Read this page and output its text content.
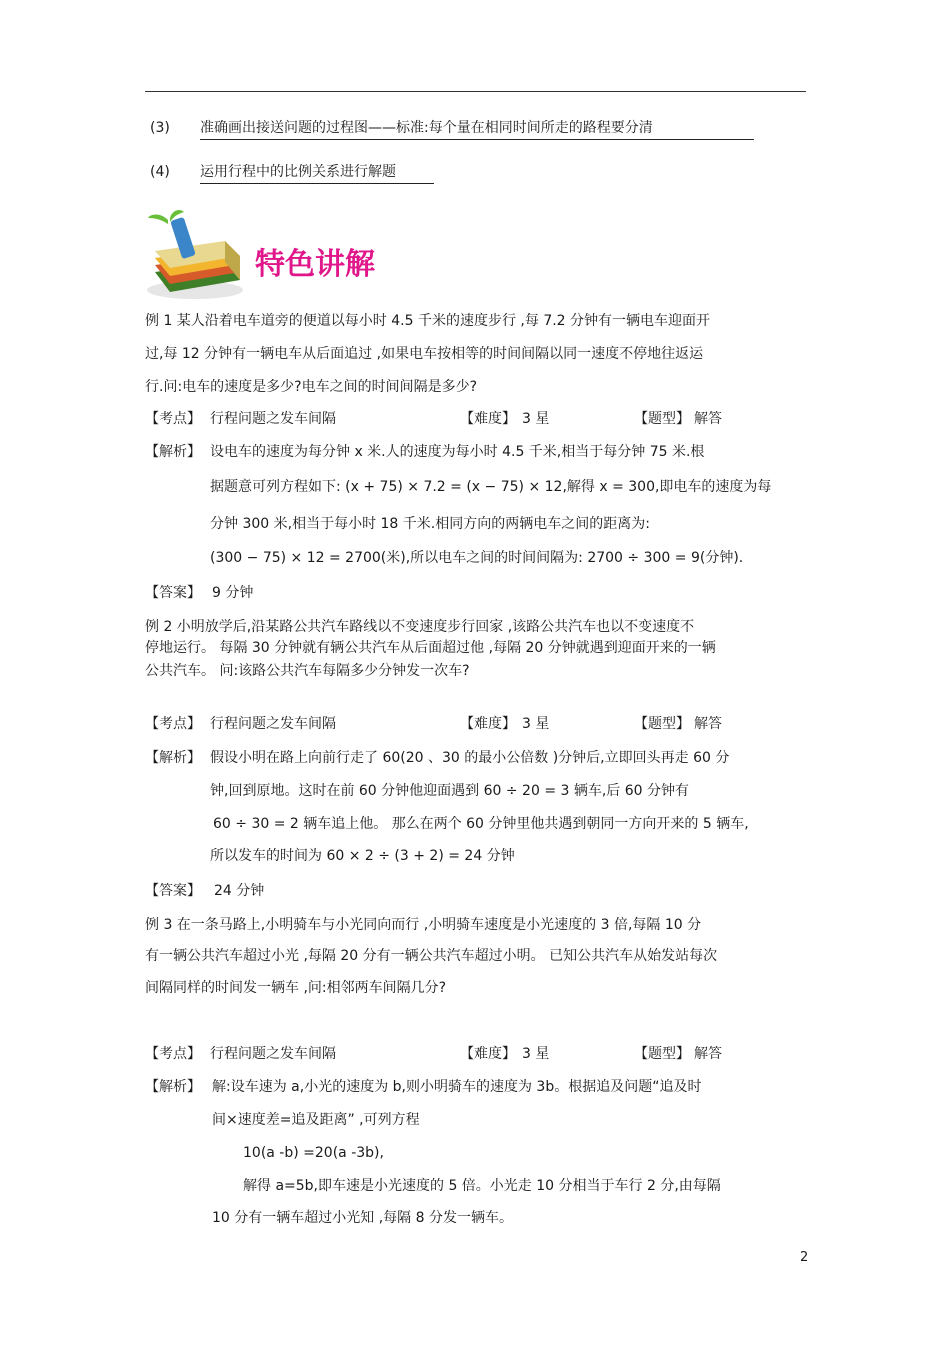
(3) 准确画出接送问题的过程图——标准:每个量在相同时间所走的路程要分清
(4) 运用行程中的比例关系进行解题
特色讲解
例 1 某人沿着电车道旁的便道以每小时 4.5 千米的速度步行 ,每 7.2 分钟有一辆电车迎面开
过,每 12 分钟有一辆电车从后面追过 ,如果电车按相等的时间间隔以同一速度不停地往返运
行.问:电车的速度是多少?电车之间的时间间隔是多少?
【考点】 行程问题之发车间隔	【难度】 3 星	【题型】 解答
【解析】 设电车的速度为每分钟 x 米.人的速度为每小时 4.5 千米,相当于每分钟 75 米.根
据题意可列方程如下: (x + 75) × 7.2 = (x − 75) × 12,解得 x = 300,即电车的速度为每
分钟 300 米,相当于每小时 18 千米.相同方向的两辆电车之间的距离为:
(300 − 75) × 12 = 2700(米),所以电车之间的时间间隔为: 2700 ÷ 300 = 9(分钟).
【答案】 9 分钟
例 2 小明放学后,沿某路公共汽车路线以不变速度步行回家 ,该路公共汽车也以不变速度不
停地运行。 每隔 30 分钟就有辆公共汽车从后面超过他 ,每隔 20 分钟就遇到迎面开来的一辆
公共汽车。 问:该路公共汽车每隔多少分钟发一次车?
【考点】 行程问题之发车间隔	【难度】 3 星	【题型】 解答
【解析】 假设小明在路上向前行走了 60(20 、30 的最小公倍数 )分钟后,立即回头再走 60 分
钟,回到原地。这时在前 60 分钟他迎面遇到 60 ÷ 20 = 3 辆车,后 60 分钟有
60 ÷ 30 = 2 辆车追上他。 那么在两个 60 分钟里他共遇到朝同一方向开来的 5 辆车,
所以发车的时间为 60 × 2 ÷ (3 + 2) = 24 分钟
【答案】 24 分钟
例 3 在一条马路上,小明骑车与小光同向而行 ,小明骑车速度是小光速度的 3 倍,每隔 10 分
有一辆公共汽车超过小光 ,每隔 20 分有一辆公共汽车超过小明。 已知公共汽车从始发站每次
间隔同样的时间发一辆车 ,问:相邻两车间隔几分?
【考点】 行程问题之发车间隔	【难度】 3 星	【题型】 解答
【解析】 解:设车速为 a,小光的速度为 b,则小明骑车的速度为 3b。根据追及问题“追及时
间×速度差=追及距离” ,可列方程
10(a -b) =20(a -3b),
解得 a=5b,即车速是小光速度的 5 倍。小光走 10 分相当于车行 2 分,由每隔
10 分有一辆车超过小光知 ,每隔 8 分发一辆车。
2
